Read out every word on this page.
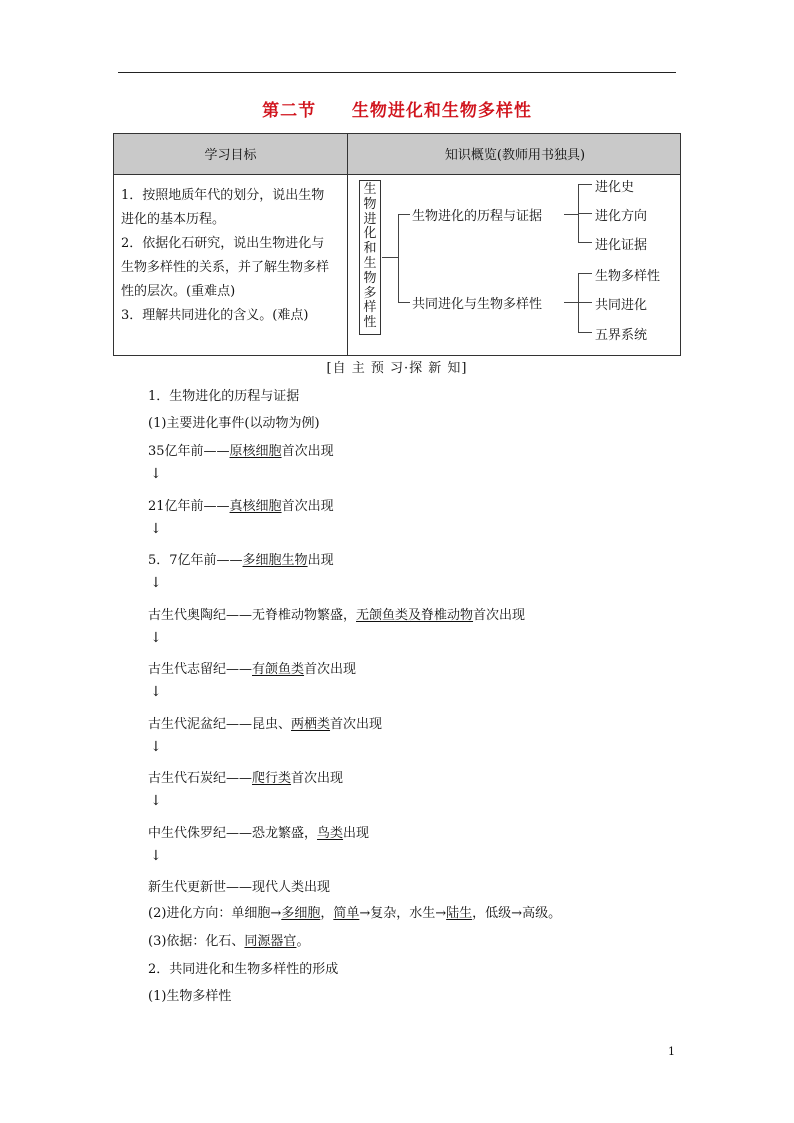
第二节 生物进化和生物多样性
学习目标	知识概览(教师用书独具)
1．按照地质年代的划分，说出生物
进化的基本历程。
2．依据化石研究，说出生物进化与
生物多样性的关系，并了解生物多样
性的层次。(重难点)
3．理解共同进化的含义。(难点)
生
物
进
化
和
生
物
多
样
性
生物进化的历程与证据
共同进化与生物多样性
进化史
进化方向
进化证据
生物多样性
共同进化
五界系统
[自 主 预 习·探 新 知]
1．生物进化的历程与证据
(1)主要进化事件(以动物为例)
35亿年前——原核细胞首次出现
↓
21亿年前——真核细胞首次出现
↓
5．7亿年前——多细胞生物出现
↓
古生代奥陶纪——无脊椎动物繁盛，无颌鱼类及脊椎动物首次出现
↓
古生代志留纪——有颌鱼类首次出现
↓
古生代泥盆纪——昆虫、两栖类首次出现
↓
古生代石炭纪——爬行类首次出现
↓
中生代侏罗纪——恐龙繁盛，鸟类出现
↓
新生代更新世——现代人类出现
(2)进化方向：单细胞→多细胞，简单→复杂，水生→陆生，低级→高级。
(3)依据：化石、同源器官。
2．共同进化和生物多样性的形成
(1)生物多样性
1
